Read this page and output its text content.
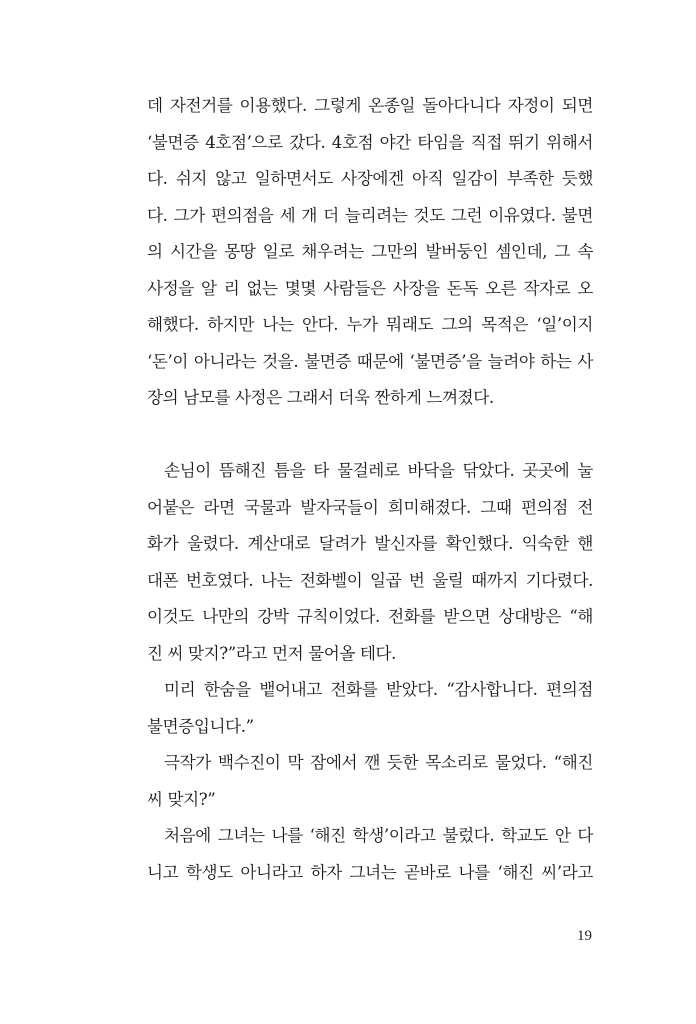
데 자전거를 이용했다. 그렇게 온종일 돌아다니다 자정이 되면
‘불면증 4호점’으로 갔다. 4호점 야간 타임을 직접 뛰기 위해서
다. 쉬지 않고 일하면서도 사장에겐 아직 일감이 부족한 듯했
다. 그가 편의점을 세 개 더 늘리려는 것도 그런 이유였다. 불면
의 시간을 몽땅 일로 채우려는 그만의 발버둥인 셈인데, 그 속
사정을 알 리 없는 몇몇 사람들은 사장을 돈독 오른 작자로 오
해했다. 하지만 나는 안다. 누가 뭐래도 그의 목적은 ‘일’이지
‘돈’이 아니라는 것을. 불면증 때문에 ‘불면증’을 늘려야 하는 사
장의 남모를 사정은 그래서 더욱 짠하게 느껴졌다.
손님이 뜸해진 틈을 타 물걸레로 바닥을 닦았다. 곳곳에 눌
어붙은 라면 국물과 발자국들이 희미해졌다. 그때 편의점 전
화가 울렸다. 계산대로 달려가 발신자를 확인했다. 익숙한 핸
대폰 번호였다. 나는 전화벨이 일곱 번 울릴 때까지 기다렸다.
이것도 나만의 강박 규칙이었다. 전화를 받으면 상대방은 “해
진 씨 맞지?”라고 먼저 물어올 테다.
미리 한숨을 뱉어내고 전화를 받았다. “감사합니다. 편의점
불면증입니다.”
극작가 백수진이 막 잠에서 깬 듯한 목소리로 물었다. “해진
씨 맞지?”
처음에 그녀는 나를 ‘해진 학생’이라고 불렀다. 학교도 안 다
니고 학생도 아니라고 하자 그녀는 곧바로 나를 ‘해진 씨’라고
19
